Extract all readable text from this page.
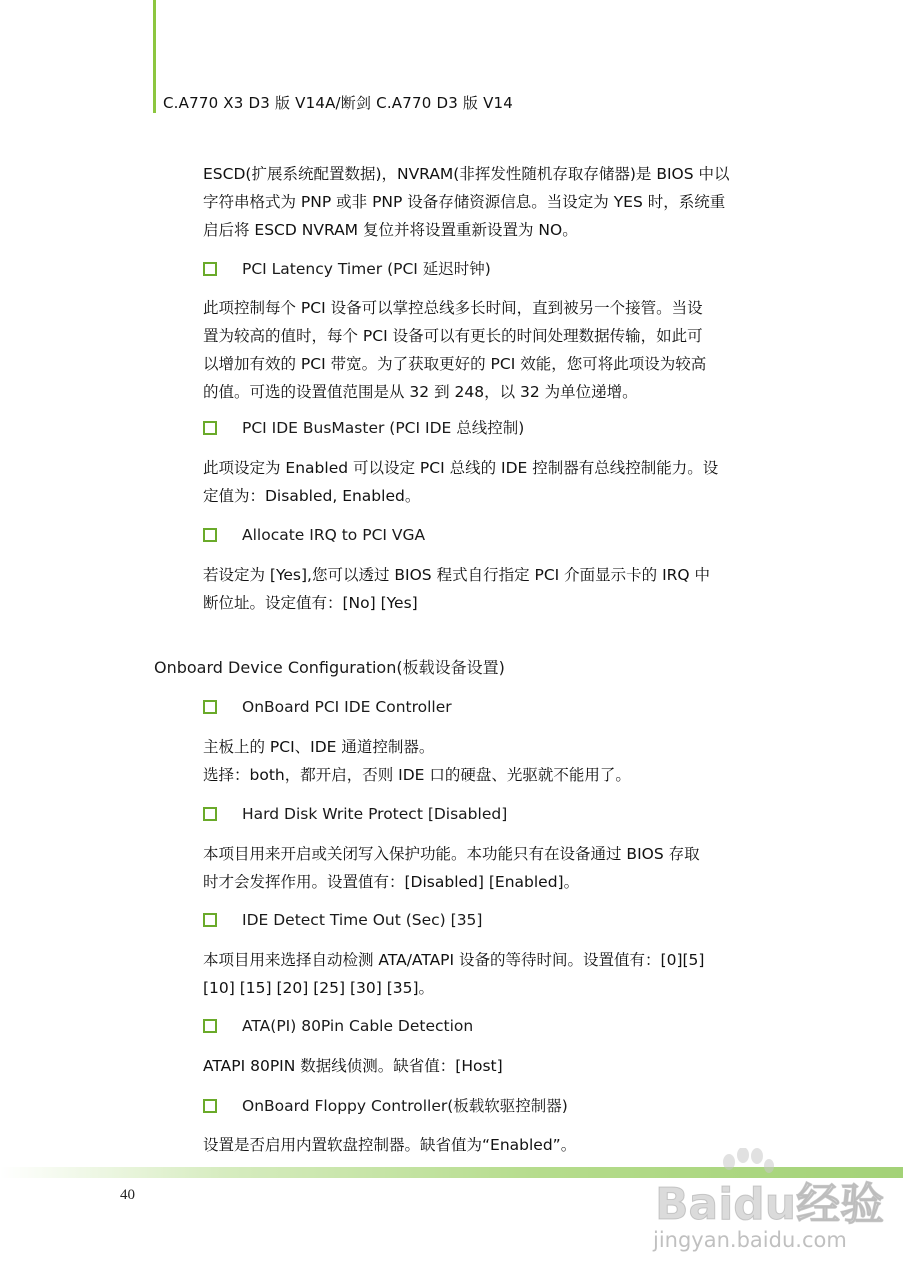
C.A770 X3 D3 版 V14A/断剑 C.A770 D3 版 V14

ESCD(扩展系统配置数据)，NVRAM(非挥发性随机存取存储器)是 BIOS 中以

字符串格式为 PNP 或非 PNP 设备存储资源信息。当设定为 YES 时，系统重

启后将 ESCD NVRAM 复位并将设置重新设置为 NO。

PCI Latency Timer (PCI 延迟时钟)

此项控制每个 PCI 设备可以掌控总线多长时间，直到被另一个接管。当设

置为较高的值时，每个 PCI 设备可以有更长的时间处理数据传输，如此可

以增加有效的 PCI 带宽。为了获取更好的 PCI 效能，您可将此项设为较高

的值。可选的设置值范围是从 32 到 248，以 32 为单位递增。

PCI IDE BusMaster (PCI IDE 总线控制)

此项设定为 Enabled 可以设定 PCI 总线的 IDE 控制器有总线控制能力。设

定值为：Disabled, Enabled。

Allocate IRQ to PCI VGA

若设定为 [Yes],您可以透过 BIOS 程式自行指定 PCI 介面显示卡的 IRQ 中

断位址。设定值有：[No] [Yes]

Onboard Device Configuration(板载设备设置)
OnBoard PCI IDE Controller

主板上的 PCI、IDE 通道控制器。

选择：both，都开启，否则 IDE 口的硬盘、光驱就不能用了。

Hard Disk Write Protect [Disabled]

本项目用来开启或关闭写入保护功能。本功能只有在设备通过 BIOS 存取

时才会发挥作用。设置值有：[Disabled] [Enabled]。

IDE Detect Time Out (Sec) [35]

本项目用来选择自动检测 ATA/ATAPI 设备的等待时间。设置值有：[0][5]

[10] [15] [20] [25] [30] [35]。

ATA(PI) 80Pin Cable Detection

ATAPI 80PIN 数据线侦测。缺省值：[Host]

OnBoard Floppy Controller(板载软驱控制器)

设置是否启用内置软盘控制器。缺省值为“Enabled”。

40	Baidu经验
jingyan.baidu.com
